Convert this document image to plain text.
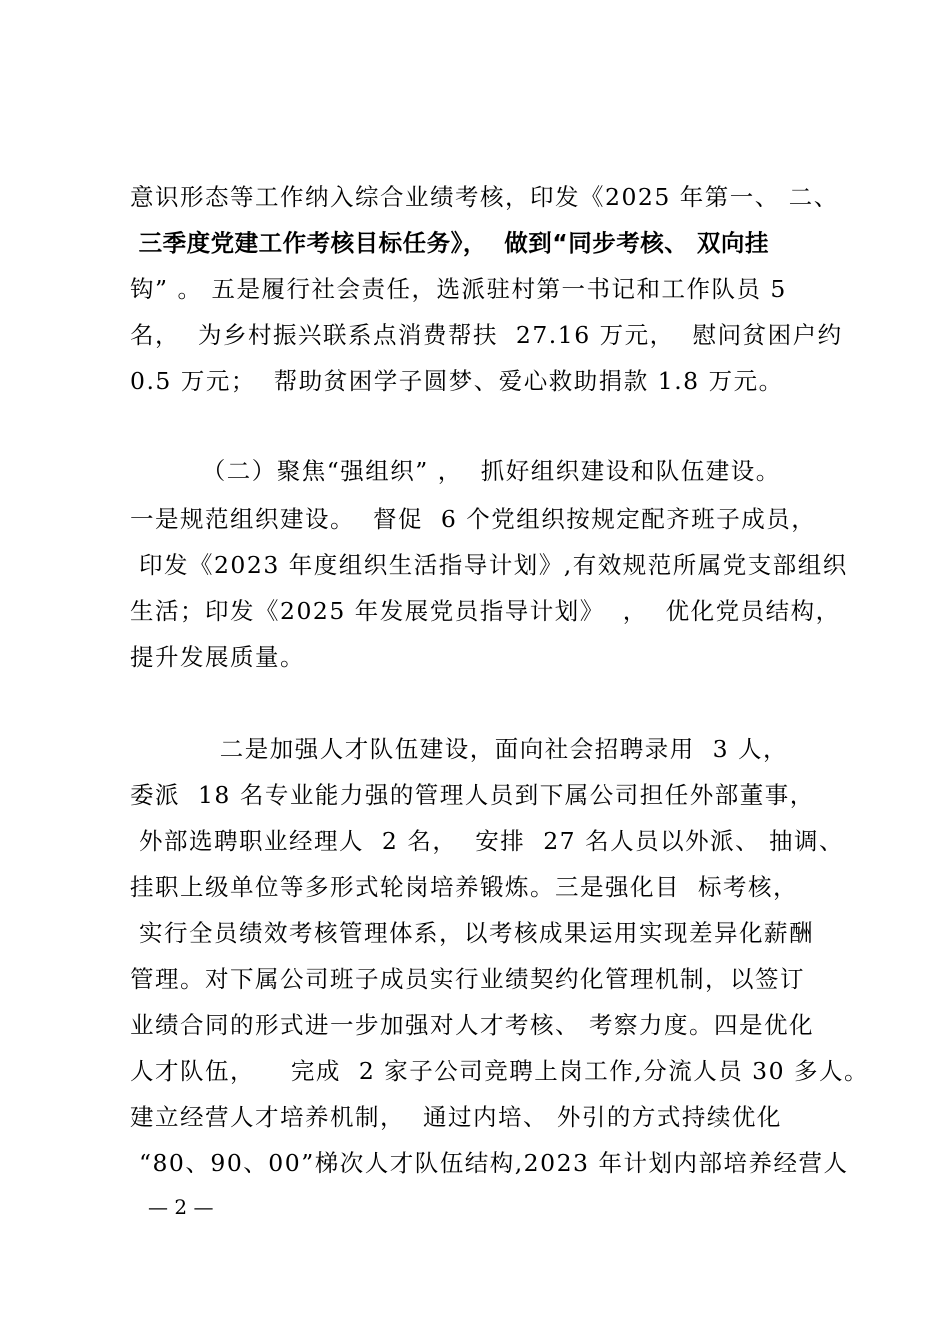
意识形态等工作纳入综合业绩考核，印发《2025 年第一、 二、
三季度党建工作考核目标任务》，  做到“同步考核、 双向挂
钩” 。 五是履行社会责任，选派驻村第一书记和工作队员 5
名，  为乡村振兴联系点消费帮扶  27.16 万元，  慰问贫困户约
0.5 万元；  帮助贫困学子圆梦、爱心救助捐款 1.8 万元。
（二）聚焦“强组织” ，  抓好组织建设和队伍建设。
一是规范组织建设。  督促  6 个党组织按规定配齐班子成员，
印发《2023 年度组织生活指导计划》,有效规范所属党支部组织
生活；印发《2025 年发展党员指导计划》  ，  优化党员结构，
提升发展质量。
二是加强人才队伍建设，面向社会招聘录用  3 人，
委派  18 名专业能力强的管理人员到下属公司担任外部董事，
外部选聘职业经理人  2 名，  安排  27 名人员以外派、 抽调、
挂职上级单位等多形式轮岗培养锻炼。三是强化目  标考核，
实行全员绩效考核管理体系，以考核成果运用实现差异化薪酬
管理。对下属公司班子成员实行业绩契约化管理机制，以签订
业绩合同的形式进一步加强对人才考核、 考察力度。四是优化
人才队伍，    完成  2 家子公司竞聘上岗工作,分流人员 30 多人。
建立经营人才培养机制，  通过内培、 外引的方式持续优化
“80、90、00”梯次人才队伍结构,2023 年计划内部培养经营人
— 2 —
